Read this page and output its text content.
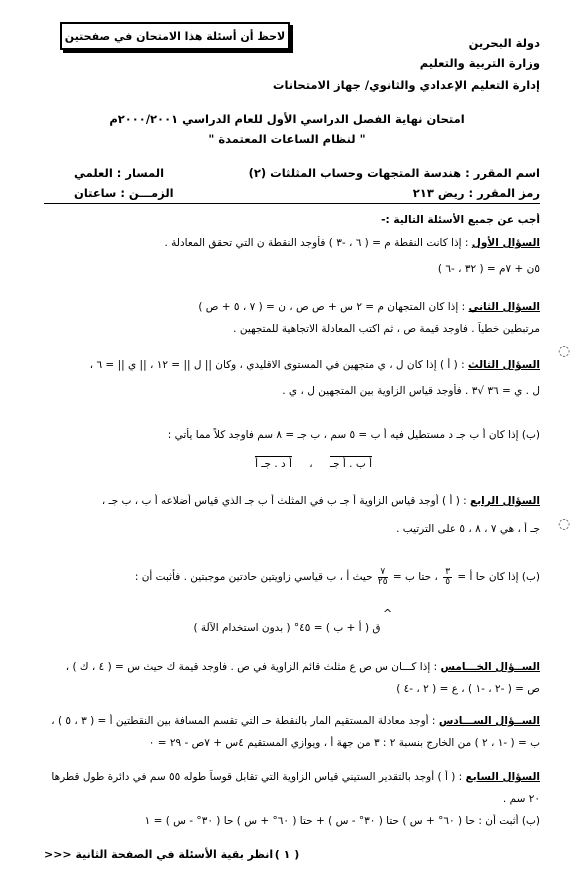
لاحظ أن أسئلة هذا الامتحان في صفحتين	دولة البحرين
وزارة التربية والتعليم
إدارة التعليم الإعدادي والثانوي/ جهاز الامتحانات
امتحان نهاية الفصل الدراسي الأول للعام الدراسي ٢٠٠٠/٢٠٠١م
" لنظام الساعات المعتمدة "
اسم المقرر : هندسة المتجهات وحساب المثلثات (٢)
المسار : العلمي
رمز المقرر : ريض ٢١٣
الزمـــن : ساعتان
أجب عن جميع الأسئلة التالية :-
السؤال الأول : إذا كانت النقطة م = ( ٦ ، -٣ ) فأوجد النقطة ن التي تحقق المعادلة .
٥ن + ٧م = ( ٣٢ ، -٦ )
السؤال الثاني : إذا كان المتجهان م = ٢ س + ص ص ، ن = ( ٧ ، ٥ + ص )
مرتبطين خطياً . فاوجد قيمة ص ، ثم اكتب المعادلة الاتجاهية للمتجهين .
السؤال الثالث : ( أ ) إذا كان ل ، ي متجهين في المستوى الاقليدي ، وكان || ل || = ١٢ ، || ي || = ٦ ،
ل . ي = ٣٦ √٣ . فأوجد قياس الزاوية بين المتجهين ل ، ي .
(ب) إذا كان أ ب جـ د مستطيل فيه أ ب = ٥ سم ، ب جـ = ٨ سم فاوجد كلاً مما يأتي :
أ ب . أ جـ ، أ د . جـ أ
السؤال الرابع : ( أ ) أوجد قياس الزاوية أ جـ ب في المثلث أ ب جـ الذي قياس أضلاعه أ ب ، ب جـ ،
جـ أ ، هي ٧ ، ٨ ، ٥ على الترتيب .
(ب) إذا كان حا أ =
$\frac{٣}{٥}$
، حتا ب =
$\frac{٧}{٢٥}$
حيث أ ، ب قياسي زاويتين حادتين موجبتين . فأثبت أن :
^
ق ( أ + ب ) = ٤٥° ( بدون استخدام الآلة )
الســؤال الخـــامس : إذا كـــان س ص ع مثلث قائم الزاوية في ص . فاوجد قيمة ك حيث س = ( ٤ ، ك ) ،
ص = ( -٢ ، -١ ) ، ع = ( ٢ ، -٤ )
الســؤال الســـادس : أوجد معادلة المستقيم المار بالنقطة حـ التي تقسم المسافة بين النقطتين أ = ( ٣ ، ٥ ) ،
ب = ( -١ ، ٢ ) من الخارج بنسبة ٢ : ٣ من جهة أ ، ويوازي المستقيم ٤س + ٧ص - ٢٩ = ٠
السؤال السابع : ( أ ) أوجد بالتقدير الستيني قياس الزاوية التي تقابل قوساً طوله ٥٥ سم في دائرة طول قطرها
٢٠ سم .
(ب) أثبت أن : حا ( ٦٠° + س ) حتا ( ٣٠° - س ) + حتا ( ٦٠° + س ) حا ( ٣٠° - س ) = ١
◌
◌
( ١ )
انظر بقية الأسئلة في الصفحة الثانية <<<
